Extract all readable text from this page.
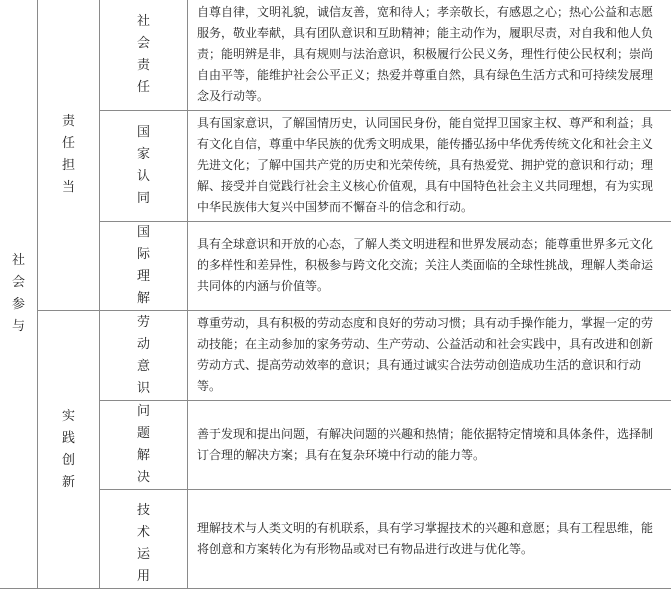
社会参与	责任担当	社会责任	自尊自律，文明礼貌，诚信友善，宽和待人；孝亲敬长，有感恩之心；热心公益和志愿服务，敬业奉献，具有团队意识和互助精神；能主动作为，履职尽责，对自我和他人负责；能明辨是非，具有规则与法治意识，积极履行公民义务，理性行使公民权利；崇尚自由平等，能维护社会公平正义；热爱并尊重自然，具有绿色生活方式和可持续发展理念及行动等。

		国家认同	具有国家意识，了解国情历史，认同国民身份，能自觉捍卫国家主权、尊严和利益；具有文化自信，尊重中华民族的优秀文明成果，能传播弘扬中华优秀传统文化和社会主义先进文化；了解中国共产党的历史和光荣传统，具有热爱党、拥护党的意识和行动；理解、接受并自觉践行社会主义核心价值观，具有中国特色社会主义共同理想，有为实现中华民族伟大复兴中国梦而不懈奋斗的信念和行动。

		国际理解	具有全球意识和开放的心态，了解人类文明进程和世界发展动态；能尊重世界多元文化的多样性和差异性，积极参与跨文化交流；关注人类面临的全球性挑战，理解人类命运共同体的内涵与价值等。

	实践创新	劳动意识	尊重劳动，具有积极的劳动态度和良好的劳动习惯；具有动手操作能力，掌握一定的劳动技能；在主动参加的家务劳动、生产劳动、公益活动和社会实践中，具有改进和创新劳动方式、提高劳动效率的意识；具有通过诚实合法劳动创造成功生活的意识和行动等。

		问题解决	善于发现和提出问题，有解决问题的兴趣和热情；能依据特定情境和具体条件，选择制订合理的解决方案；具有在复杂环境中行动的能力等。

		技术运用	理解技术与人类文明的有机联系，具有学习掌握技术的兴趣和意愿；具有工程思维，能将创意和方案转化为有形物品或对已有物品进行改进与优化等。
